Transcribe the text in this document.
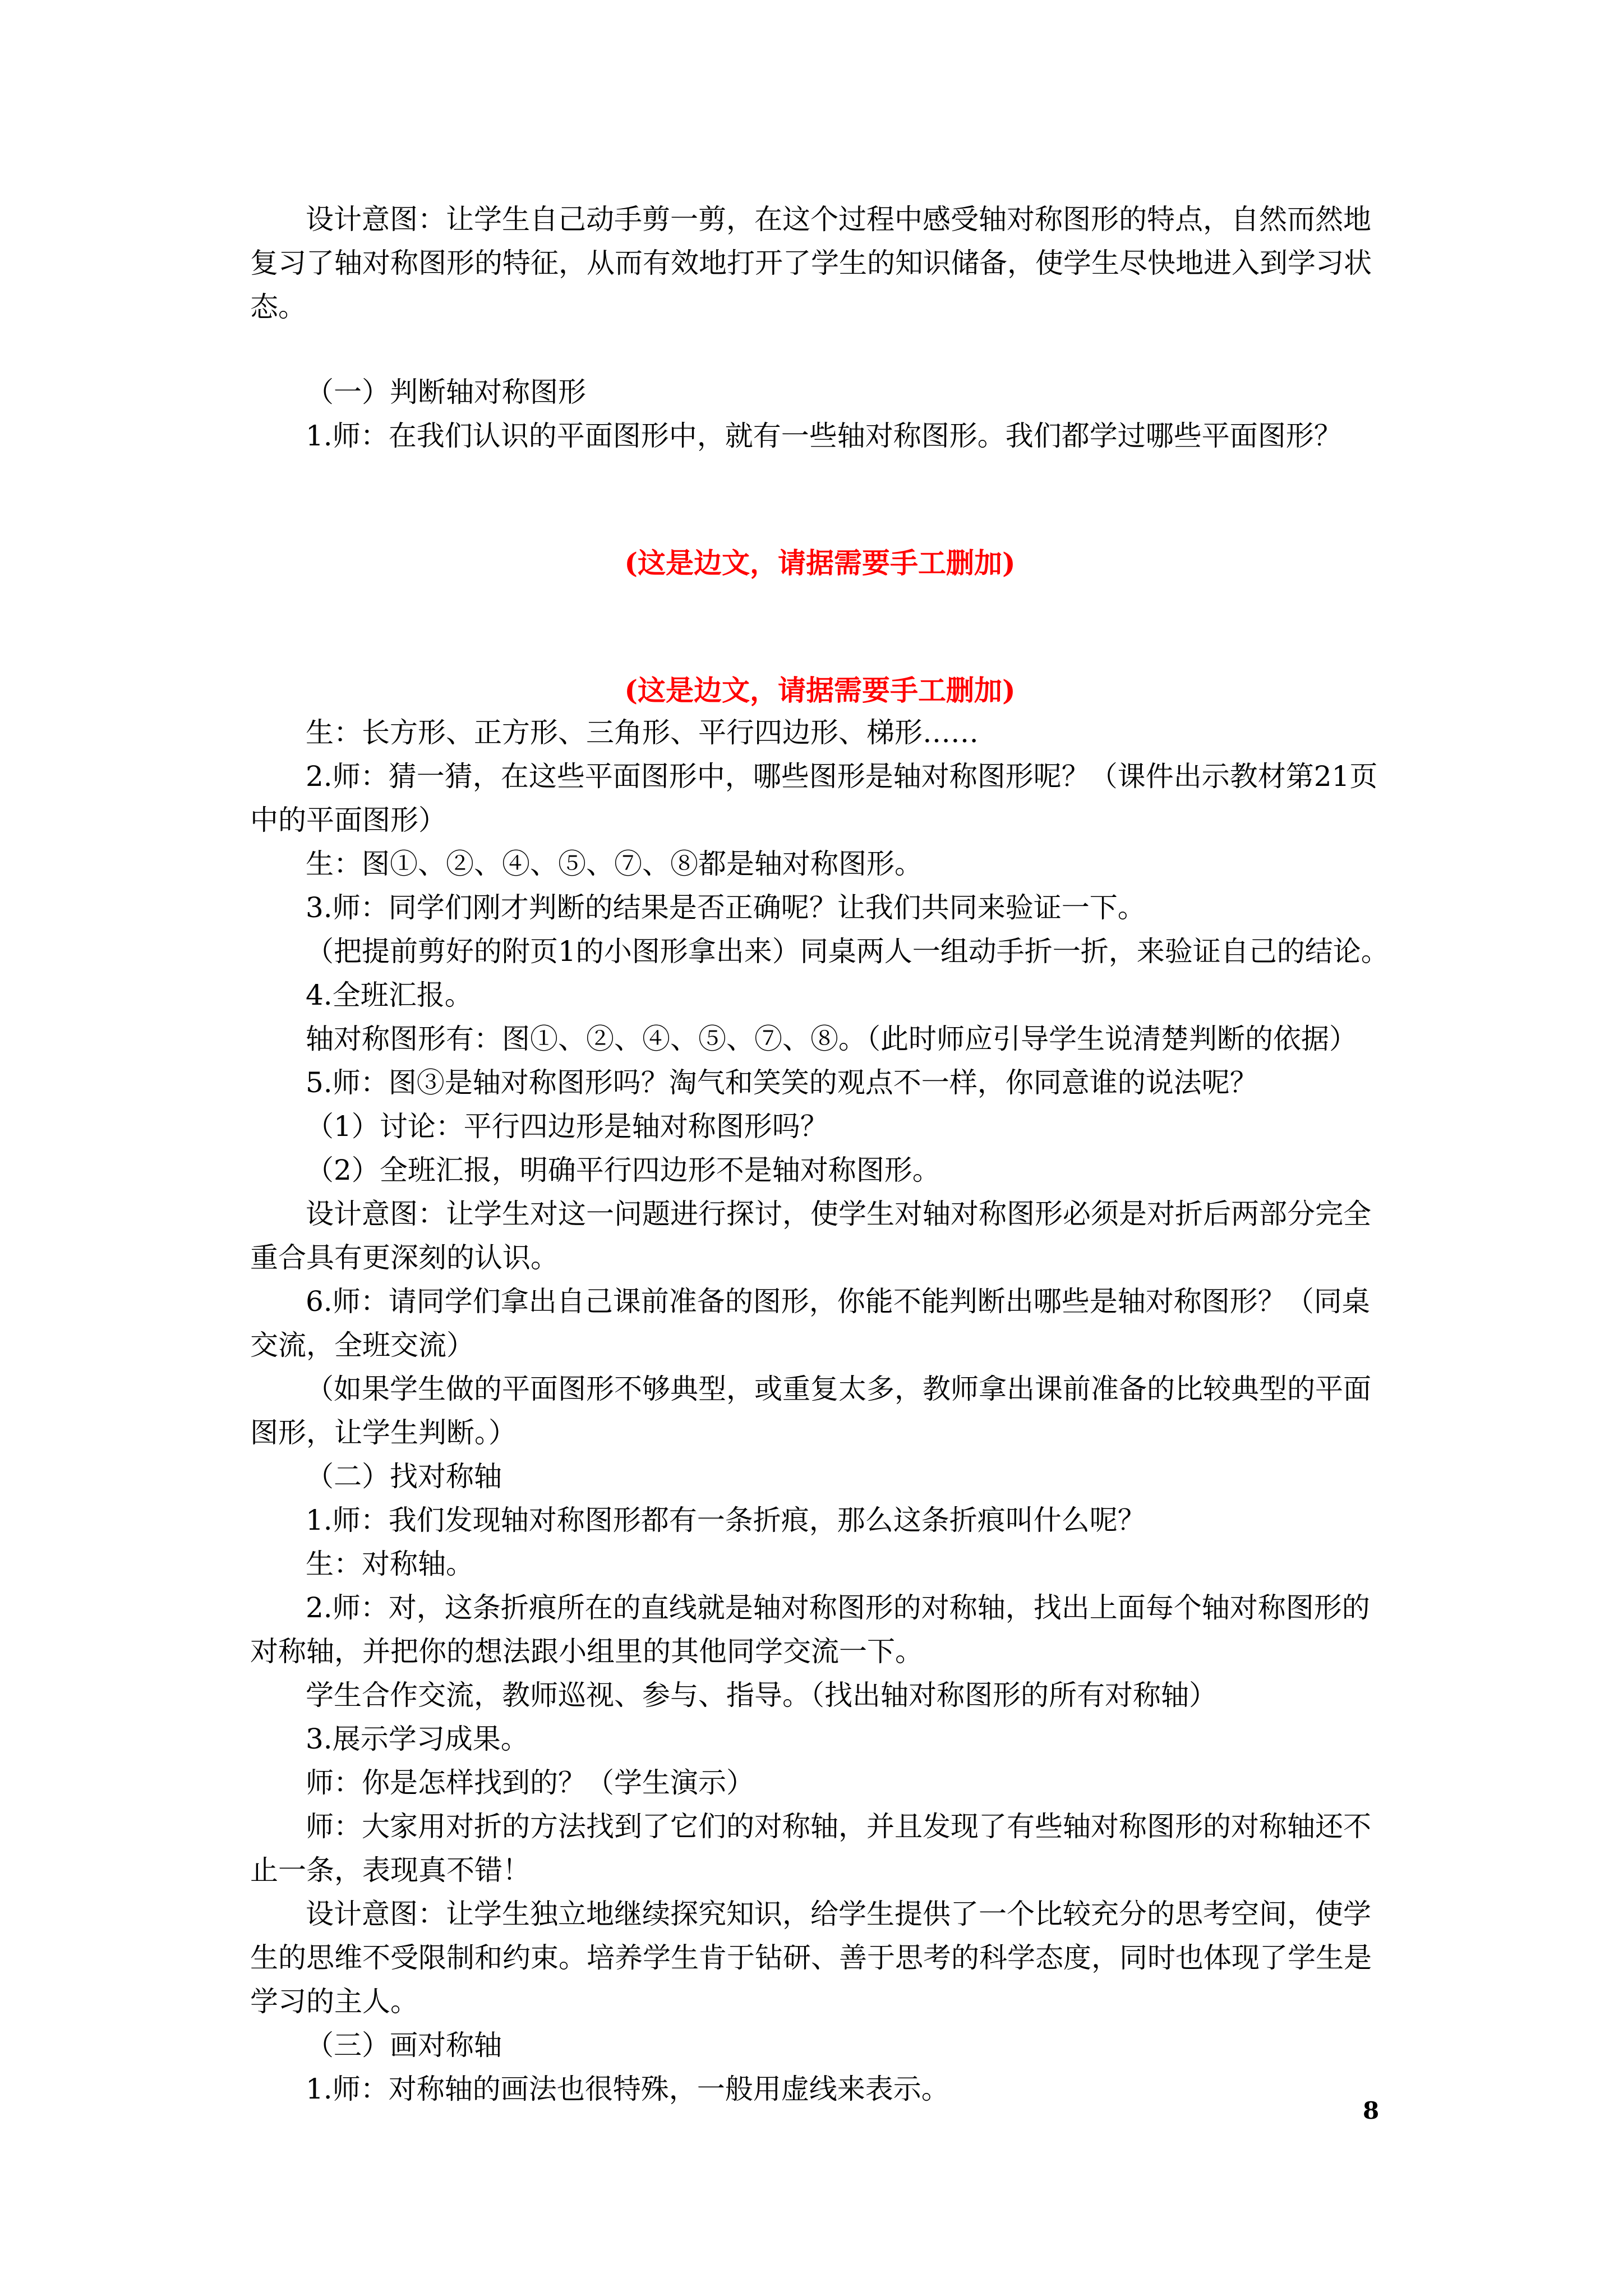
设计意图：让学生自己动手剪一剪，在这个过程中感受轴对称图形的特点，自然而然地复习了轴对称图形的特征，从而有效地打开了学生的知识储备，使学生尽快地进入到学习状态。

（一）判断轴对称图形

1.师：在我们认识的平面图形中，就有一些轴对称图形。我们都学过哪些平面图形？

(这是边文，请据需要手工删加)

(这是边文，请据需要手工删加)

生：长方形、正方形、三角形、平行四边形、梯形……

2.师：猜一猜，在这些平面图形中，哪些图形是轴对称图形呢？（课件出示教材第21页中的平面图形）

生：图①、②、④、⑤、⑦、⑧都是轴对称图形。

3.师：同学们刚才判断的结果是否正确呢？让我们共同来验证一下。

（把提前剪好的附页1的小图形拿出来）同桌两人一组动手折一折，来验证自己的结论。

4.全班汇报。

轴对称图形有：图①、②、④、⑤、⑦、⑧。（此时师应引导学生说清楚判断的依据）

5.师：图③是轴对称图形吗？淘气和笑笑的观点不一样，你同意谁的说法呢？

（1）讨论：平行四边形是轴对称图形吗？

（2）全班汇报，明确平行四边形不是轴对称图形。

设计意图：让学生对这一问题进行探讨，使学生对轴对称图形必须是对折后两部分完全重合具有更深刻的认识。

6.师：请同学们拿出自己课前准备的图形，你能不能判断出哪些是轴对称图形？（同桌交流，全班交流）

（如果学生做的平面图形不够典型，或重复太多，教师拿出课前准备的比较典型的平面图形，让学生判断。）

（二）找对称轴

1.师：我们发现轴对称图形都有一条折痕，那么这条折痕叫什么呢？

生：对称轴。

2.师：对，这条折痕所在的直线就是轴对称图形的对称轴，找出上面每个轴对称图形的对称轴，并把你的想法跟小组里的其他同学交流一下。

学生合作交流，教师巡视、参与、指导。（找出轴对称图形的所有对称轴）

3.展示学习成果。

师：你是怎样找到的？（学生演示）

师：大家用对折的方法找到了它们的对称轴，并且发现了有些轴对称图形的对称轴还不止一条，表现真不错！

设计意图：让学生独立地继续探究知识，给学生提供了一个比较充分的思考空间，使学生的思维不受限制和约束。培养学生肯于钻研、善于思考的科学态度，同时也体现了学生是学习的主人。

（三）画对称轴

1.师：对称轴的画法也很特殊，一般用虚线来表示。

8
